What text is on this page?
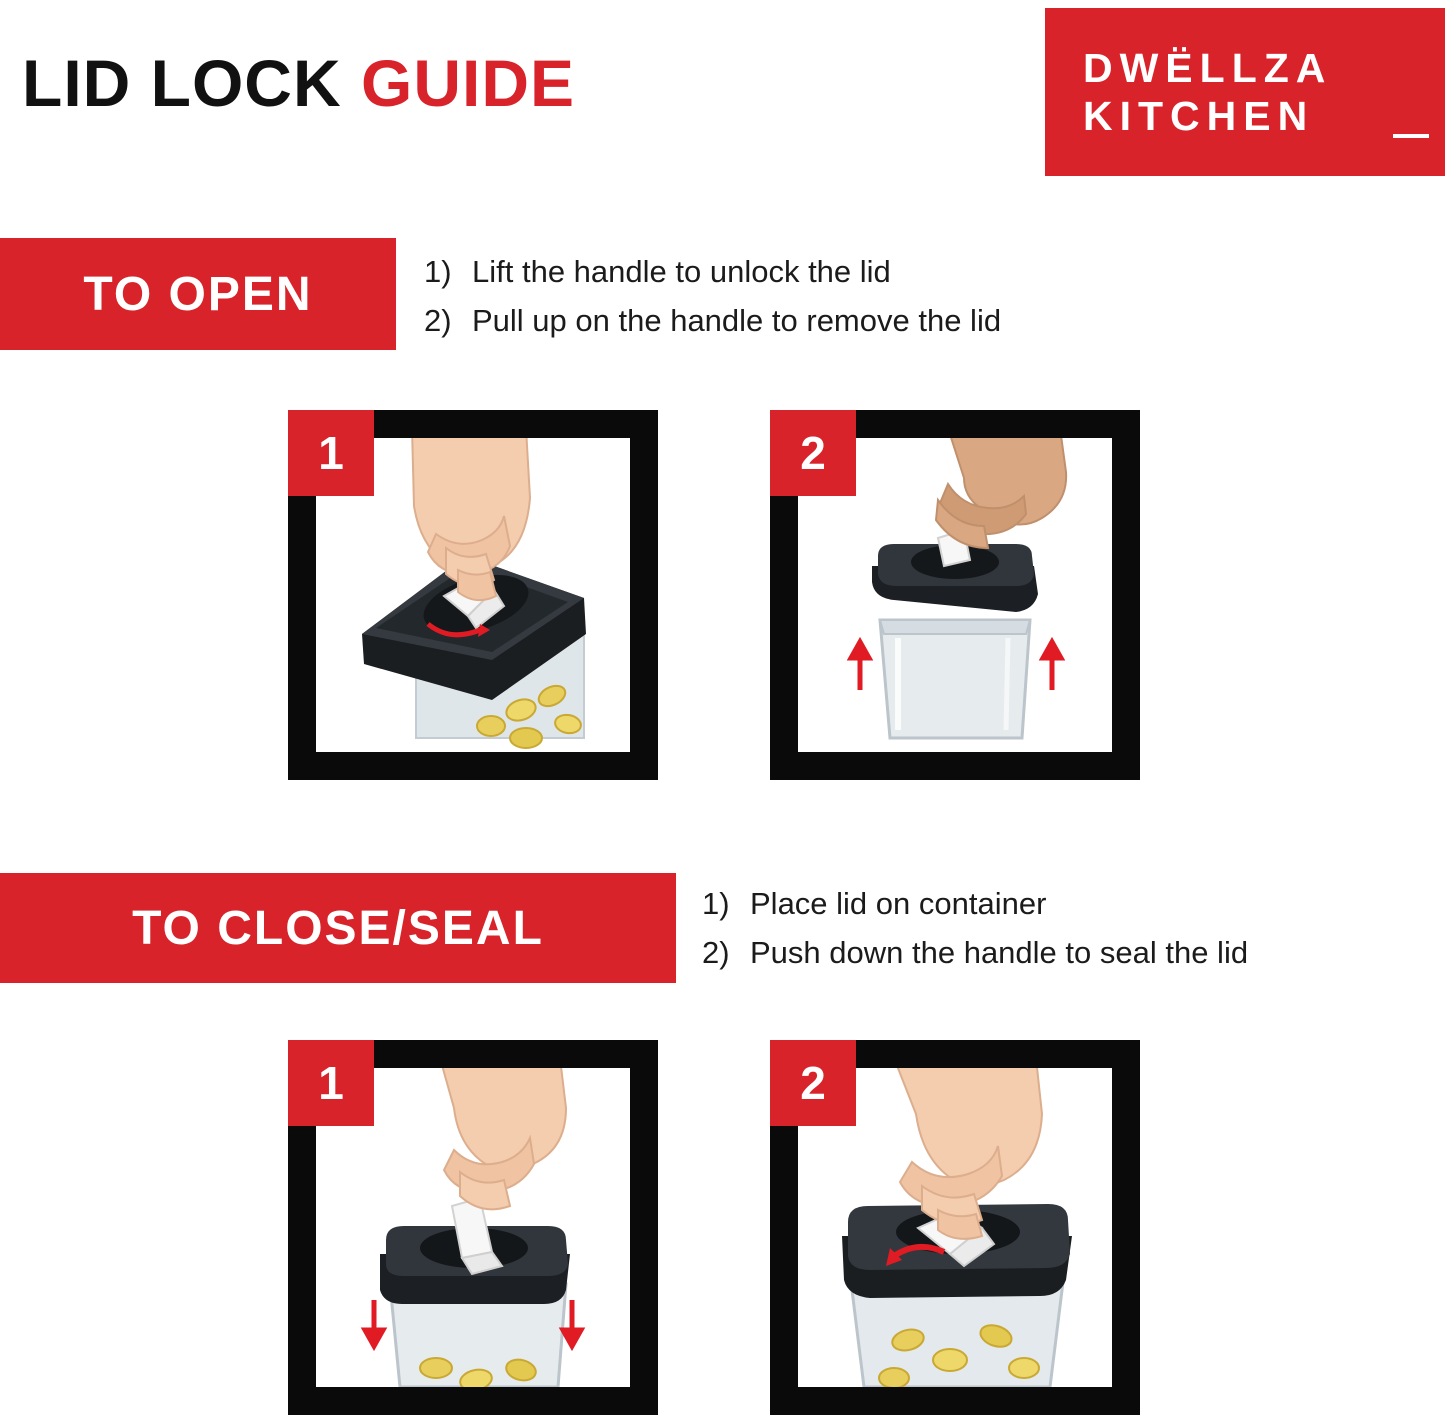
LID LOCK GUIDE	DWËLLZA
KITCHEN
TO OPEN	1) Lift the handle to unlock the lid
2) Pull up on the handle to remove the lid
1	2
TO CLOSE/SEAL	1) Place lid on container
2) Push down the handle to seal the lid
1	2
